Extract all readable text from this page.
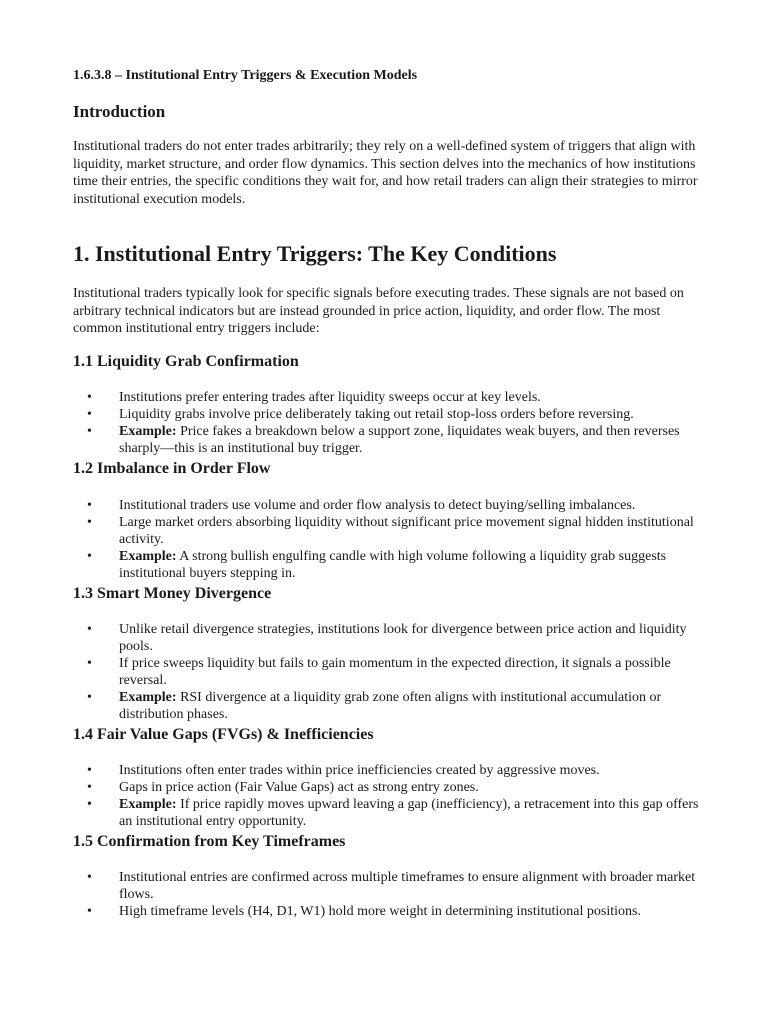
1.6.3.8 – Institutional Entry Triggers & Execution Models
Introduction

Institutional traders do not enter trades arbitrarily; they rely on a well-defined system of triggers that align with liquidity, market structure, and order flow dynamics. This section delves into the mechanics of how institutions time their entries, the specific conditions they wait for, and how retail traders can align their strategies to mirror institutional execution models.

1. Institutional Entry Triggers: The Key Conditions

Institutional traders typically look for specific signals before executing trades. These signals are not based on arbitrary technical indicators but are instead grounded in price action, liquidity, and order flow. The most common institutional entry triggers include:

1.1 Liquidity Grab Confirmation
• Institutions prefer entering trades after liquidity sweeps occur at key levels.
• Liquidity grabs involve price deliberately taking out retail stop-loss orders before reversing.
• Example: Price fakes a breakdown below a support zone, liquidates weak buyers, and then reverses sharply—this is an institutional buy trigger.
1.2 Imbalance in Order Flow
• Institutional traders use volume and order flow analysis to detect buying/selling imbalances.
• Large market orders absorbing liquidity without significant price movement signal hidden institutional activity.
• Example: A strong bullish engulfing candle with high volume following a liquidity grab suggests institutional buyers stepping in.
1.3 Smart Money Divergence
• Unlike retail divergence strategies, institutions look for divergence between price action and liquidity pools.
• If price sweeps liquidity but fails to gain momentum in the expected direction, it signals a possible reversal.
• Example: RSI divergence at a liquidity grab zone often aligns with institutional accumulation or distribution phases.
1.4 Fair Value Gaps (FVGs) & Inefficiencies
• Institutions often enter trades within price inefficiencies created by aggressive moves.
• Gaps in price action (Fair Value Gaps) act as strong entry zones.
• Example: If price rapidly moves upward leaving a gap (inefficiency), a retracement into this gap offers an institutional entry opportunity.
1.5 Confirmation from Key Timeframes
• Institutional entries are confirmed across multiple timeframes to ensure alignment with broader market flows.
• High timeframe levels (H4, D1, W1) hold more weight in determining institutional positions.
